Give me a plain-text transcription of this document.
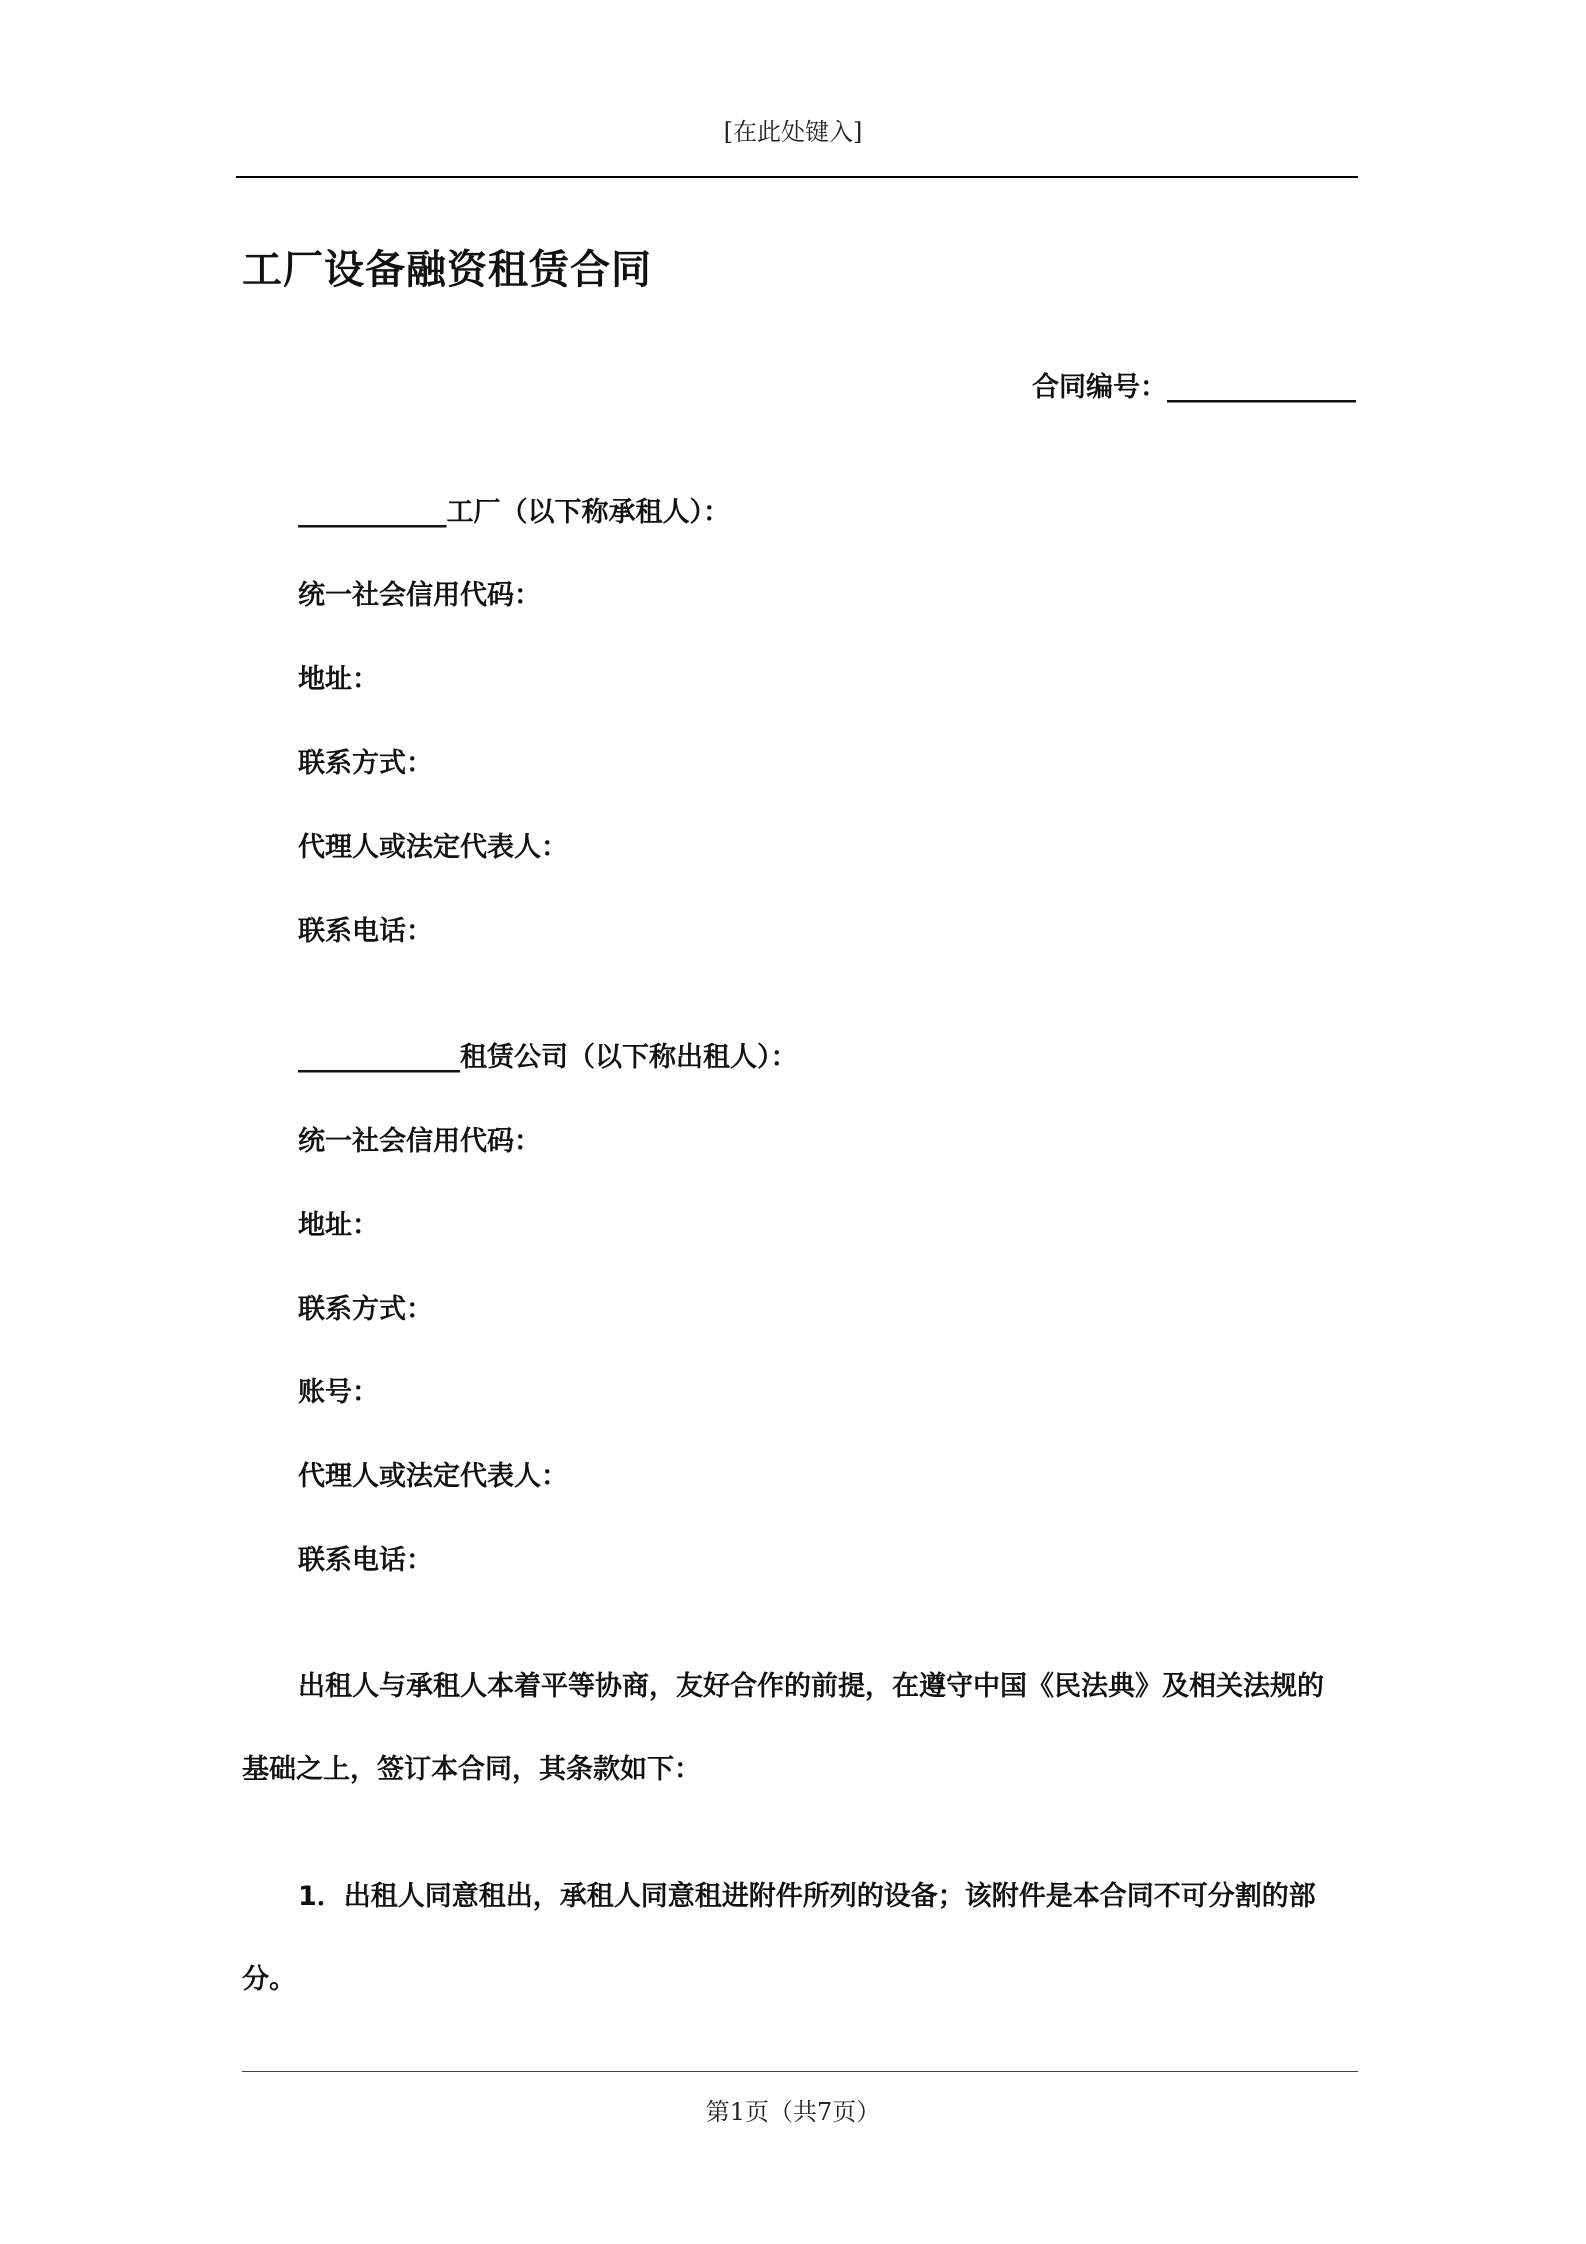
[在此处键入]
工厂设备融资租赁合同
合同编号：______________
___________工厂（以下称承租人）：
统一社会信用代码：
地址：
联系方式：
代理人或法定代表人：
联系电话：
____________租赁公司（以下称出租人）：
统一社会信用代码：
地址：
联系方式：
账号：
代理人或法定代表人：
联系电话：
出租人与承租人本着平等协商，友好合作的前提，在遵守中国《民法典》及相关法规的
基础之上，签订本合同，其条款如下：
1．出租人同意租出，承租人同意租进附件所列的设备；该附件是本合同不可分割的部
分。
第1页（共7页）
